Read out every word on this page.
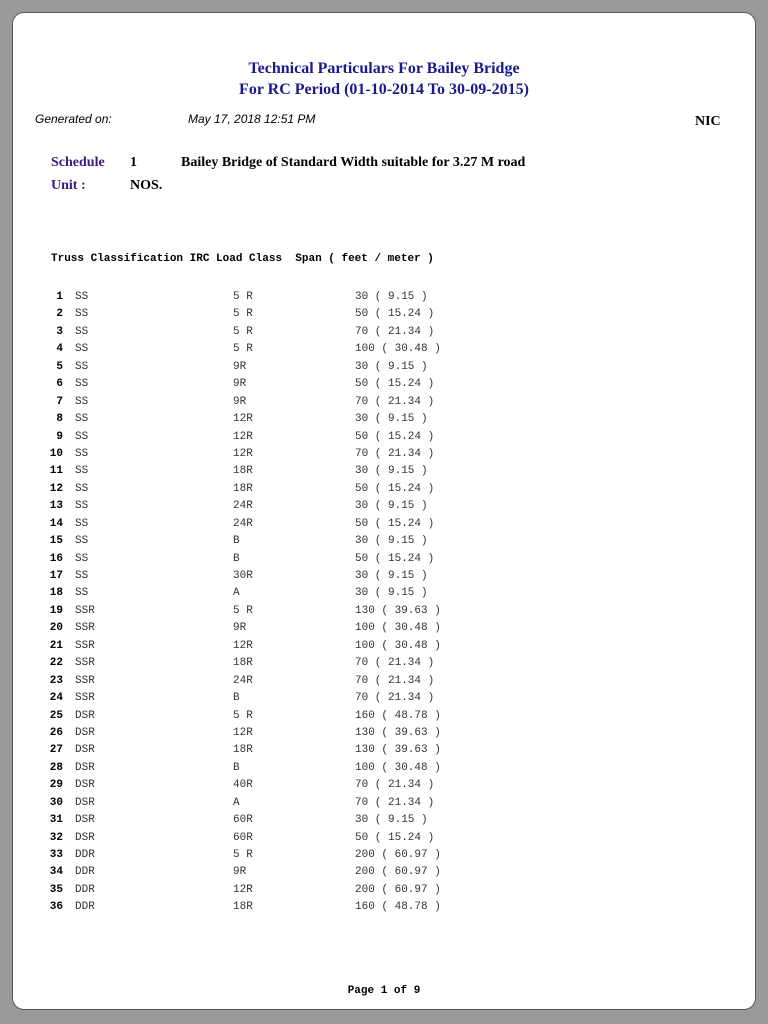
Technical Particulars For Bailey Bridge
For RC Period (01-10-2014 To 30-09-2015)
Generated on:	May 17, 2018 12:51 PM	NIC
Schedule 1	Bailey Bridge of Standard Width suitable for 3.27 M road
Unit :	NOS.
Truss Classification IRC Load Class Span ( feet / meter )
1 SS	5 R	30 ( 9.15 )
2 SS	5 R	50 ( 15.24 )
3 SS	5 R	70 ( 21.34 )
4 SS	5 R	100 ( 30.48 )
5 SS	9R	30 ( 9.15 )
6 SS	9R	50 ( 15.24 )
7 SS	9R	70 ( 21.34 )
8 SS	12R	30 ( 9.15 )
9 SS	12R	50 ( 15.24 )
10 SS	12R	70 ( 21.34 )
11 SS	18R	30 ( 9.15 )
12 SS	18R	50 ( 15.24 )
13 SS	24R	30 ( 9.15 )
14 SS	24R	50 ( 15.24 )
15 SS	B	30 ( 9.15 )
16 SS	B	50 ( 15.24 )
17 SS	30R	30 ( 9.15 )
18 SS	A	30 ( 9.15 )
19 SSR	5 R	130 ( 39.63 )
20 SSR	9R	100 ( 30.48 )
21 SSR	12R	100 ( 30.48 )
22 SSR	18R	70 ( 21.34 )
23 SSR	24R	70 ( 21.34 )
24 SSR	B	70 ( 21.34 )
25 DSR	5 R	160 ( 48.78 )
26 DSR	12R	130 ( 39.63 )
27 DSR	18R	130 ( 39.63 )
28 DSR	B	100 ( 30.48 )
29 DSR	40R	70 ( 21.34 )
30 DSR	A	70 ( 21.34 )
31 DSR	60R	30 ( 9.15 )
32 DSR	60R	50 ( 15.24 )
33 DDR	5 R	200 ( 60.97 )
34 DDR	9R	200 ( 60.97 )
35 DDR	12R	200 ( 60.97 )
36 DDR	18R	160 ( 48.78 )
Page 1 of 9
